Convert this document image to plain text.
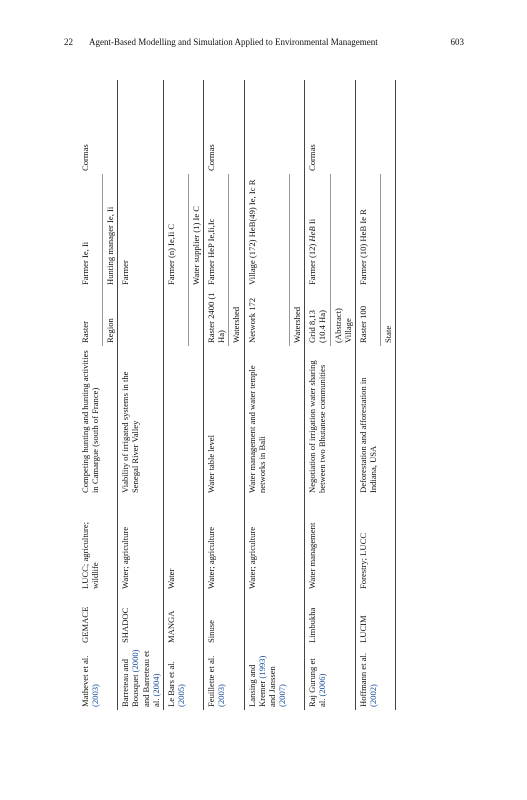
22 Agent-Based Modelling and Simulation Applied to Environmental Management	603
Mathevet et al. (2003)	GEMACE	LUCC; agriculture; wildlife	Competing hunting and hunting activities in Camargue (south of France)	Raster	Farmer Ie, Ii	Cormas
				Region	Hunting manager Ie, Ii	
Barreteau and Bousquet (2000) and Barreteau et al. (2004)	SHADOC	Water; agriculture	Viability of irrigated systems in the Senegal River Valley		Farmer	
Le Bars et al. (2005)	MANGA	Water			Farmer (n) Ie,Ii C	
					Water supplier (1) Ie C	
Feuillette et al. (2003)	Sinuse	Water; agriculture	Water table level	Raster 2400 (1 Ha)	Farmer HeP Ie,Ii,Ic	Cormas
				Watershed		
Lansing and Kremer (1993) and Janssen (2007)		Water; agriculture	Water management and water temple networks in Bali	Network 172	Village (172) HeB(49) Ie, Ic R	
				Watershed		
Raj Gurung et al. (2006)	Limbukha	Water management	Negotiation of irrigation water sharing between two Bhutanese communities	Grid 8,13 (10.4 Ha)	Farmer (12) HeB Ii	Cormas
				(Abstract) Village		
Hoffmann et al. (2002)	LUCIM	Forestry; LUCC	Deforestation and afforestation in Indiana, USA	Raster 100	Farmer (10) HeB Ie R	
				State		
